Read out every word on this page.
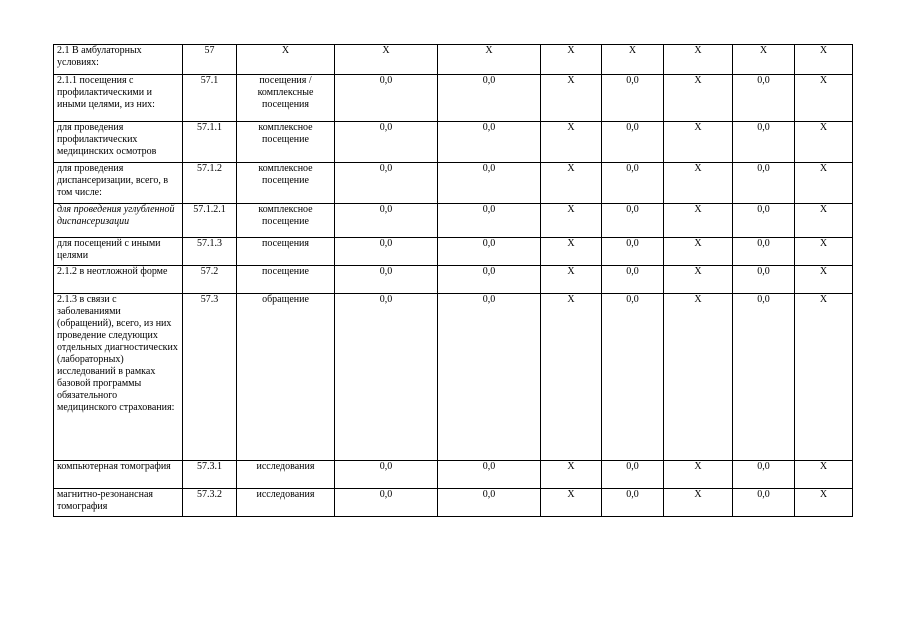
2.1 В амбулаторных условиях:	57	Х	Х	Х	Х	Х	Х	Х	Х
2.1.1 посещения с профилактическими и иными целями, из них:	57.1	посещения / комплексные посещения	0,0	0,0	Х	0,0	Х	0,0	Х
для проведения профилактических медицинских осмотров	57.1.1	комплексное посещение	0,0	0,0	Х	0,0	Х	0,0	Х
для проведения диспансеризации, всего, в том числе:	57.1.2	комплексное посещение	0,0	0,0	Х	0,0	Х	0,0	Х
для проведения углубленной диспансеризации	57.1.2.1	комплексное посещение	0,0	0,0	Х	0,0	Х	0,0	Х
для посещений с иными целями	57.1.3	посещения	0,0	0,0	Х	0,0	Х	0,0	Х
2.1.2 в неотложной форме	57.2	посещение	0,0	0,0	Х	0,0	Х	0,0	Х
2.1.3 в связи с заболеваниями (обращений), всего, из них проведение следующих отдельных диагностических (лабораторных) исследований в рамках базовой программы обязательного медицинского страхования:	57.3	обращение	0,0	0,0	Х	0,0	Х	0,0	Х
компьютерная томография	57.3.1	исследования	0,0	0,0	Х	0,0	Х	0,0	Х
магнитно-резонансная томография	57.3.2	исследования	0,0	0,0	Х	0,0	Х	0,0	Х
